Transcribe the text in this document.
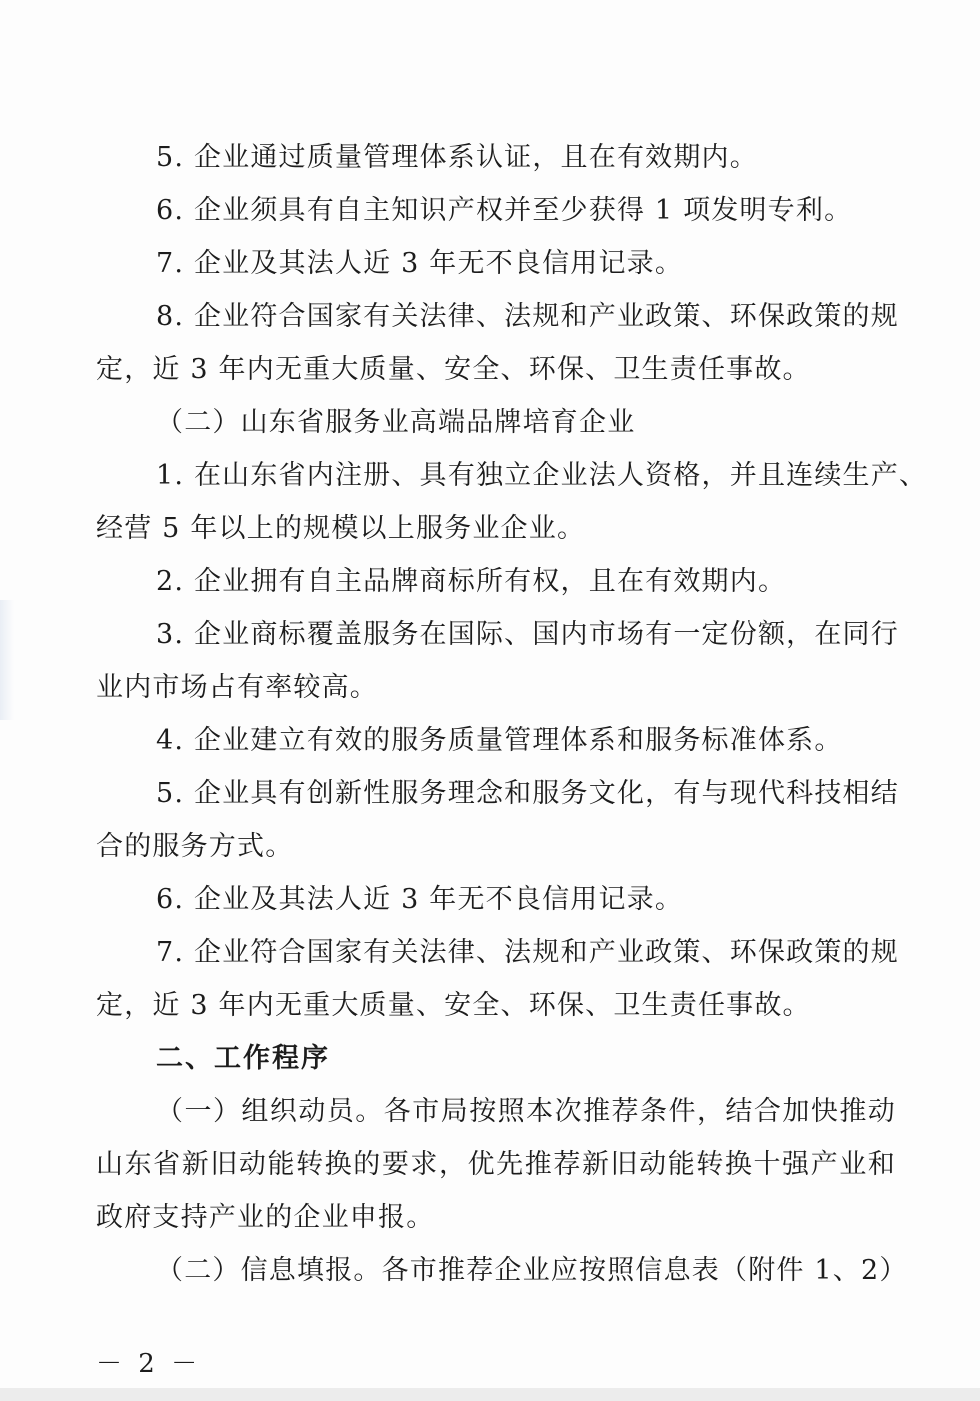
5. 企业通过质量管理体系认证，且在有效期内。
6. 企业须具有自主知识产权并至少获得 1 项发明专利。
7. 企业及其法人近 3 年无不良信用记录。
8. 企业符合国家有关法律、法规和产业政策、环保政策的规
定，近 3 年内无重大质量、安全、环保、卫生责任事故。
（二）山东省服务业高端品牌培育企业
1. 在山东省内注册、具有独立企业法人资格，并且连续生产、
经营 5 年以上的规模以上服务业企业。
2. 企业拥有自主品牌商标所有权，且在有效期内。
3. 企业商标覆盖服务在国际、国内市场有一定份额，在同行
业内市场占有率较高。
4. 企业建立有效的服务质量管理体系和服务标准体系。
5. 企业具有创新性服务理念和服务文化，有与现代科技相结
合的服务方式。
6. 企业及其法人近 3 年无不良信用记录。
7. 企业符合国家有关法律、法规和产业政策、环保政策的规
定，近 3 年内无重大质量、安全、环保、卫生责任事故。
二、工作程序
（一）组织动员。各市局按照本次推荐条件，结合加快推动
山东省新旧动能转换的要求，优先推荐新旧动能转换十强产业和
政府支持产业的企业申报。
（二）信息填报。各市推荐企业应按照信息表（附件 1、2）
－ 2 －
